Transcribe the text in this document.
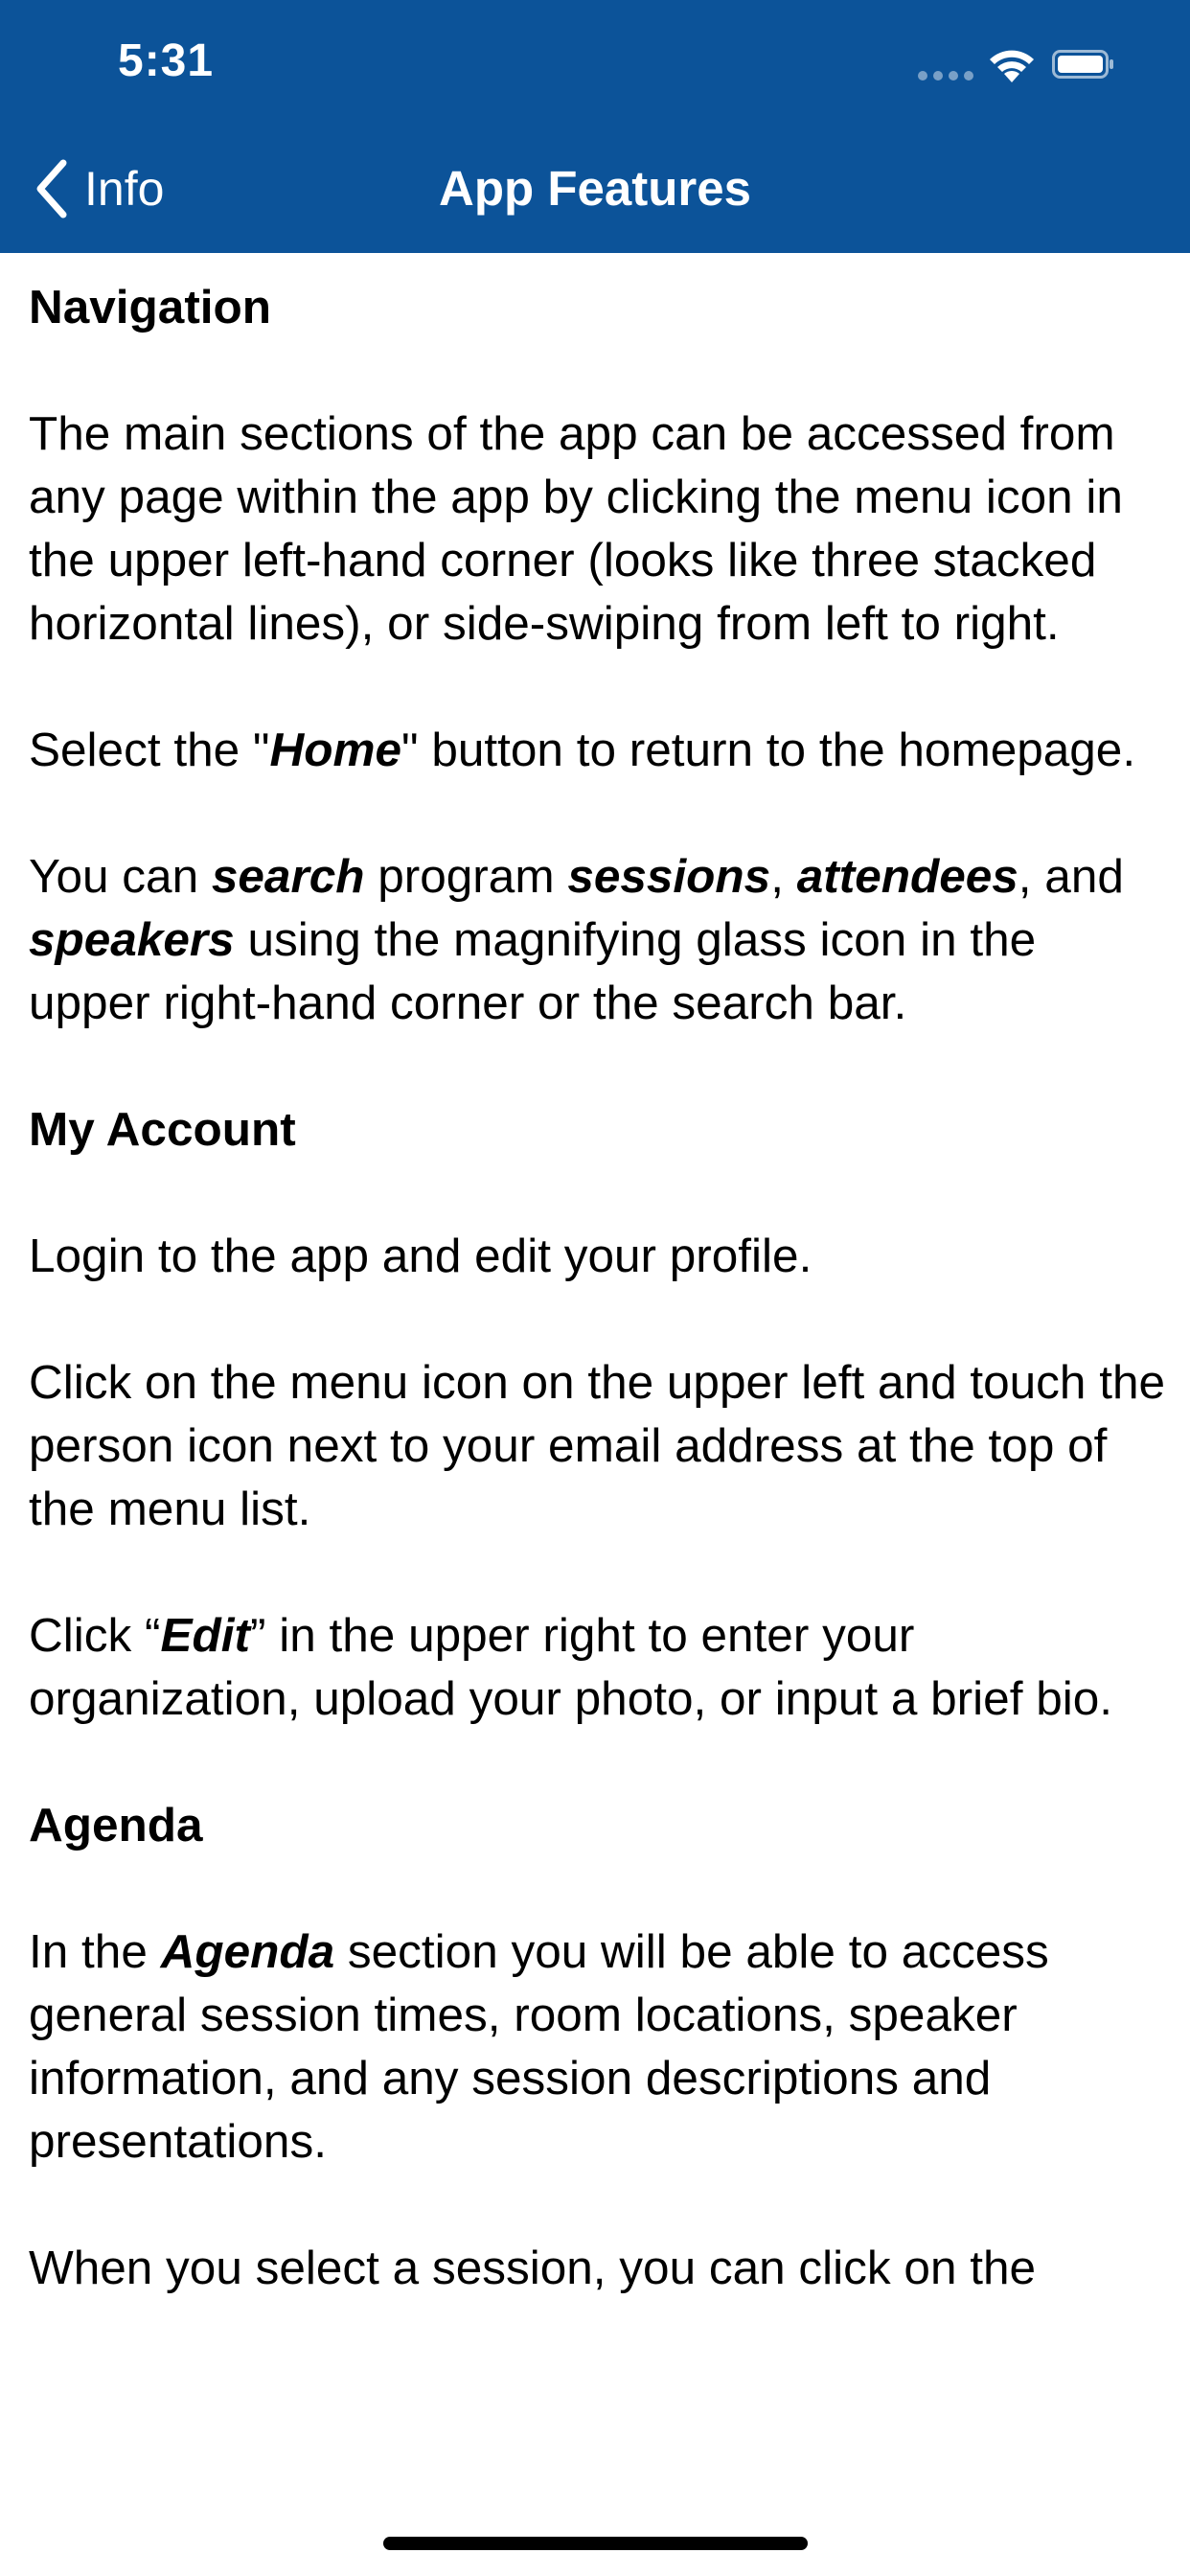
5:31
Info	App Features

Navigation

The main sections of the app can be accessed from any page within the app by clicking the menu icon in the upper left-hand corner (looks like three stacked horizontal lines), or side-swiping from left to right.

Select the "Home" button to return to the homepage.

You can search program sessions, attendees, and speakers using the magnifying glass icon in the upper right-hand corner or the search bar.

My Account

Login to the app and edit your profile.

Click on the menu icon on the upper left and touch the person icon next to your email address at the top of the menu list.

Click “Edit” in the upper right to enter your organization, upload your photo, or input a brief bio.

Agenda

In the Agenda section you will be able to access general session times, room locations, speaker information, and any session descriptions and presentations.

When you select a session, you can click on the
